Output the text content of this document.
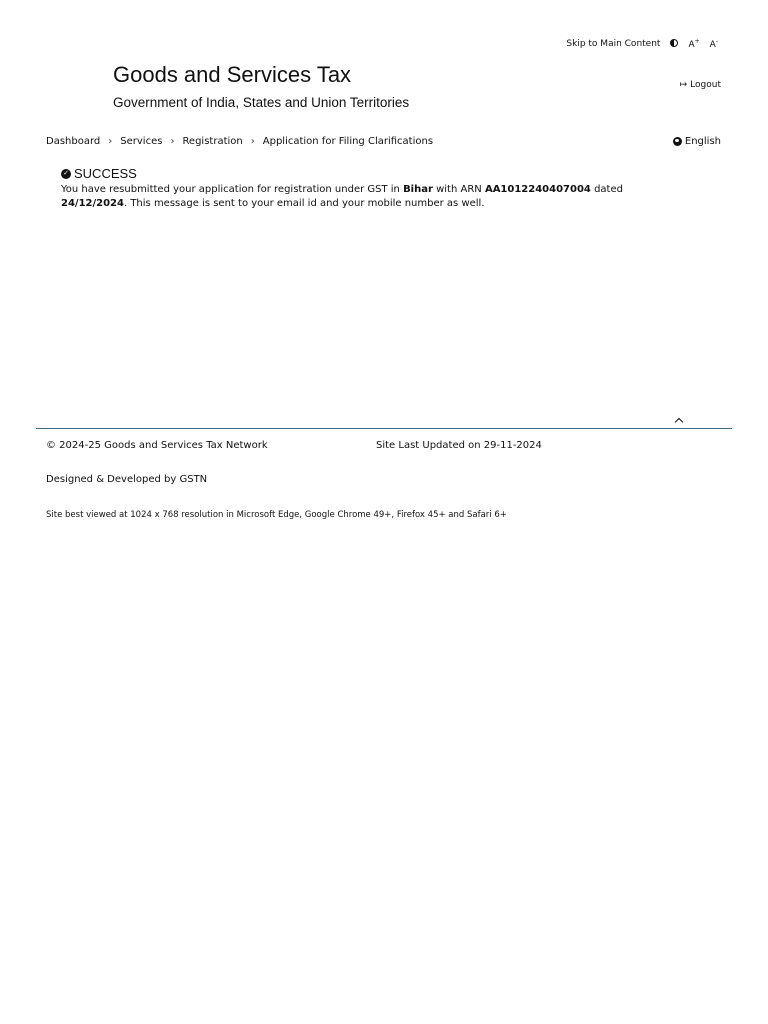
Skip to Main Content	A+ A-
Goods and Services Tax
Government of India, States and Union Territories
↦ Logout
Dashboard › Services › Registration › Application for Filing Clarifications	English
✓ SUCCESS
You have resubmitted your application for registration under GST in Bihar with ARN AA1012240407004 dated 24/12/2024. This message is sent to your email id and your mobile number as well.
© 2024-25 Goods and Services Tax Network	Site Last Updated on 29-11-2024
Designed & Developed by GSTN
Site best viewed at 1024 x 768 resolution in Microsoft Edge, Google Chrome 49+, Firefox 45+ and Safari 6+
